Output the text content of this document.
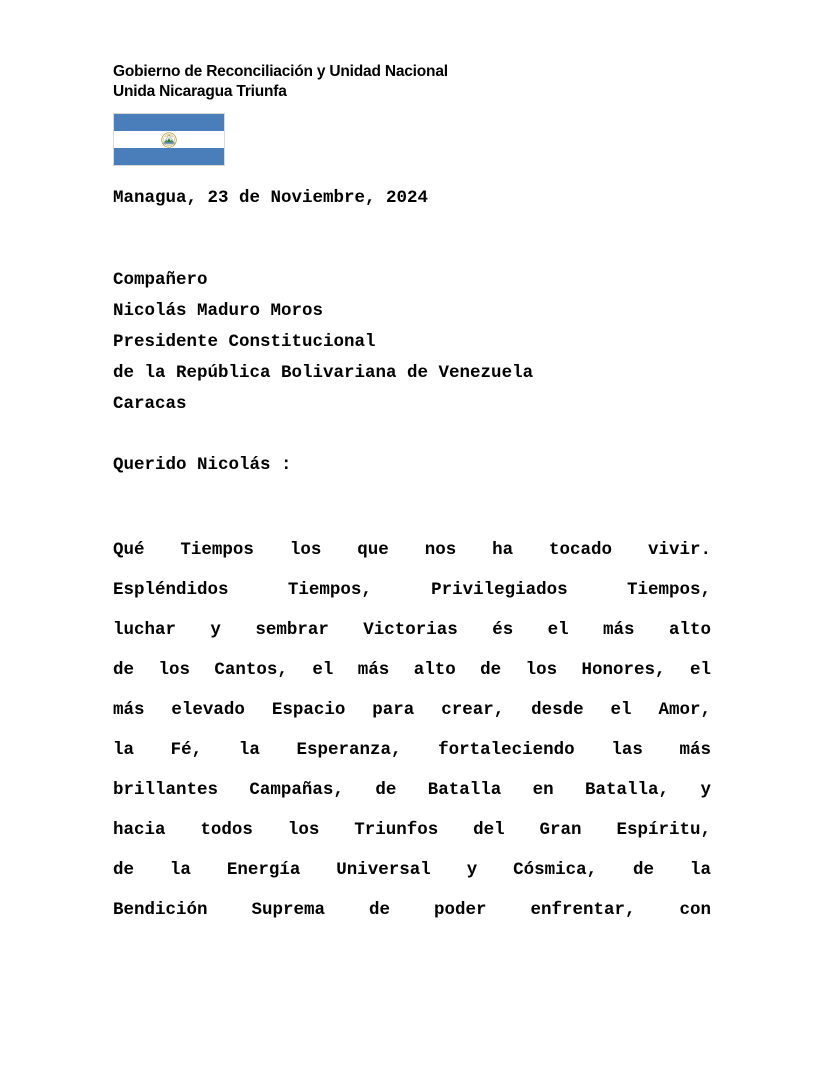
Gobierno de Reconciliación y Unidad Nacional
Unida Nicaragua Triunfa
Managua, 23 de Noviembre, 2024
Compañero
Nicolás Maduro Moros
Presidente Constitucional
de la República Bolivariana de Venezuela
Caracas
Querido Nicolás :
Qué Tiempos los que nos ha tocado vivir.
Espléndidos	Tiempos,	Privilegiados	Tiempos,
luchar y sembrar Victorias és el más alto
de los Cantos, el más alto de los Honores, el
más elevado Espacio para crear, desde el Amor,
la Fé, la Esperanza, fortaleciendo las más
brillantes Campañas, de Batalla en Batalla, y
hacia todos los Triunfos del Gran Espíritu,
de la Energía Universal y Cósmica, de la
Bendición	Suprema	de	poder	enfrentar,	con
